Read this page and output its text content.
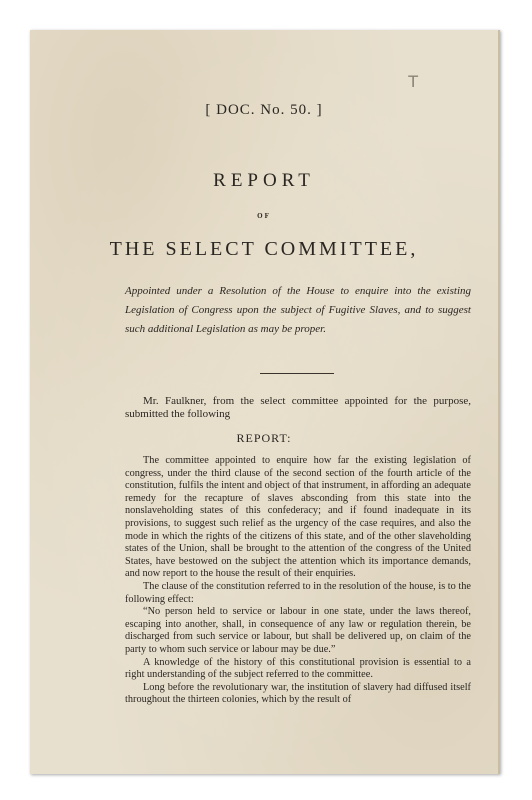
T
[ DOC. No. 50. ]
REPORT
OF
THE SELECT COMMITTEE,
Appointed under a Resolution of the House to enquire into the existing Legislation of Congress upon the subject of Fugitive Slaves, and to suggest such additional Legislation as may be proper.
Mr. Faulkner, from the select committee appointed for the purpose, submitted the following
REPORT:

The committee appointed to enquire how far the existing legislation of congress, under the third clause of the second section of the fourth article of the constitution, fulfils the intent and object of that instrument, in affording an adequate remedy for the recapture of slaves absconding from this state into the nonslaveholding states of this confederacy; and if found inadequate in its provisions, to suggest such relief as the urgency of the case requires, and also the mode in which the rights of the citizens of this state, and of the other slaveholding states of the Union, shall be brought to the attention of the congress of the United States, have bestowed on the subject the attention which its importance demands, and now report to the house the result of their enquiries.

The clause of the constitution referred to in the resolution of the house, is to the following effect:

“No person held to service or labour in one state, under the laws thereof, escaping into another, shall, in consequence of any law or regulation therein, be discharged from such service or labour, but shall be delivered up, on claim of the party to whom such service or labour may be due.”

A knowledge of the history of this constitutional provision is essential to a right understanding of the subject referred to the committee.

Long before the revolutionary war, the institution of slavery had diffused itself throughout the thirteen colonies, which by the result of
